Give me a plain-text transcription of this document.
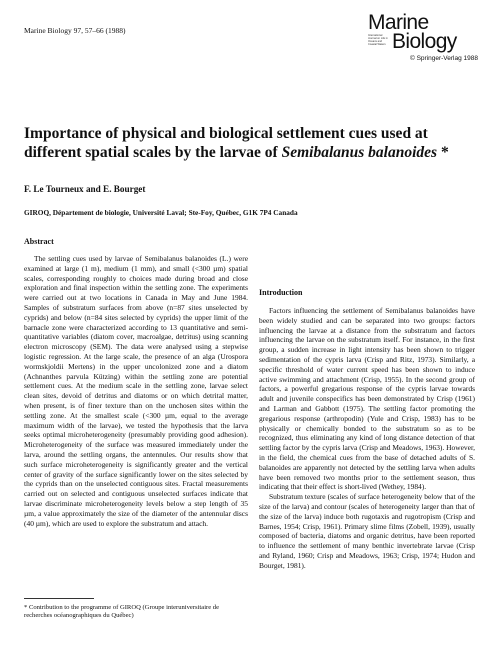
Marine Biology 97, 57–66 (1988)	Marine
International Journal on Life in Oceans and Coastal Waters Biology
© Springer-Verlag 1988
Importance of physical and biological settlement cues used at different spatial scales by the larvae of Semibalanus balanoides *
F. Le Tourneux and E. Bourget
GIROQ, Département de biologie, Université Laval; Ste-Foy, Québec, G1K 7P4 Canada
Abstract

The settling cues used by larvae of Semibalanus balanoides (L.) were examined at large (1 m), medium (1 mm), and small (<300 µm) spatial scales, corresponding roughly to choices made during broad and close exploration and final inspection within the settling zone. The experiments were carried out at two locations in Canada in May and June 1984. Samples of substratum surfaces from above (n=87 sites unselected by cyprids) and below (n=84 sites selected by cyprids) the upper limit of the barnacle zone were characterized according to 13 quantitative and semi-quantitative variables (diatom cover, macroalgae, detritus) using scanning electron microscopy (SEM). The data were analysed using a stepwise logistic regression. At the large scale, the presence of an alga (Urospora wormskjoldii Mertens) in the upper uncolonized zone and a diatom (Achnanthes parvula Kützing) within the settling zone are potential settlement cues. At the medium scale in the settling zone, larvae select clean sites, devoid of detritus and diatoms or on which detrital matter, when present, is of finer texture than on the unchosen sites within the settling zone. At the smallest scale (<300 µm, equal to the average maximum width of the larvae), we tested the hypothesis that the larva seeks optimal microheterogeneity (presumably providing good adhesion). Microheterogeneity of the surface was measured immediately under the larva, around the settling organs, the antennules. Our results show that such surface microheterogeneity is significantly greater and the vertical center of gravity of the surface significantly lower on the sites selected by the cyprids than on the unselected contiguous sites. Fractal measurements carried out on selected and contiguous unselected surfaces indicate that larvae discriminate microheterogeneity levels below a step length of 35 µm, a value approximately the size of the diameter of the antennular discs (40 µm), which are used to explore the substratum and attach.

* Contribution to the programme of GIROQ (Groupe interuniversitaire de recherches océanographiques du Québec)

Introduction

Factors influencing the settlement of Semibalanus balanoides have been widely studied and can be separated into two groups: factors influencing the larvae at a distance from the substratum and factors influencing the larvae on the substratum itself. For instance, in the first group, a sudden increase in light intensity has been shown to trigger sedimentation of the cypris larva (Crisp and Ritz, 1973). Similarly, a specific threshold of water current speed has been shown to induce active swimming and attachment (Crisp, 1955). In the second group of factors, a powerful gregarious response of the cypris larvae towards adult and juvenile conspecifics has been demonstrated by Crisp (1961) and Larman and Gabbott (1975). The settling factor promoting the gregarious response (arthropodin) (Yule and Crisp, 1983) has to be physically or chemically bonded to the substratum so as to be recognized, thus eliminating any kind of long distance detection of that settling factor by the cypris larva (Crisp and Meadows, 1963). However, in the field, the chemical cues from the base of detached adults of S. balanoides are apparently not detected by the settling larva when adults have been removed two months prior to the settlement season, thus indicating that their effect is short-lived (Wethey, 1984).

Substratum texture (scales of surface heterogeneity below that of the size of the larva) and contour (scales of heterogeneity larger than that of the size of the larva) induce both rugotaxis and rugotropism (Crisp and Barnes, 1954; Crisp, 1961). Primary slime films (Zobell, 1939), usually composed of bacteria, diatoms and organic detritus, have been reported to influence the settlement of many benthic invertebrate larvae (Crisp and Ryland, 1960; Crisp and Meadows, 1963; Crisp, 1974; Hudon and Bourget, 1981).
